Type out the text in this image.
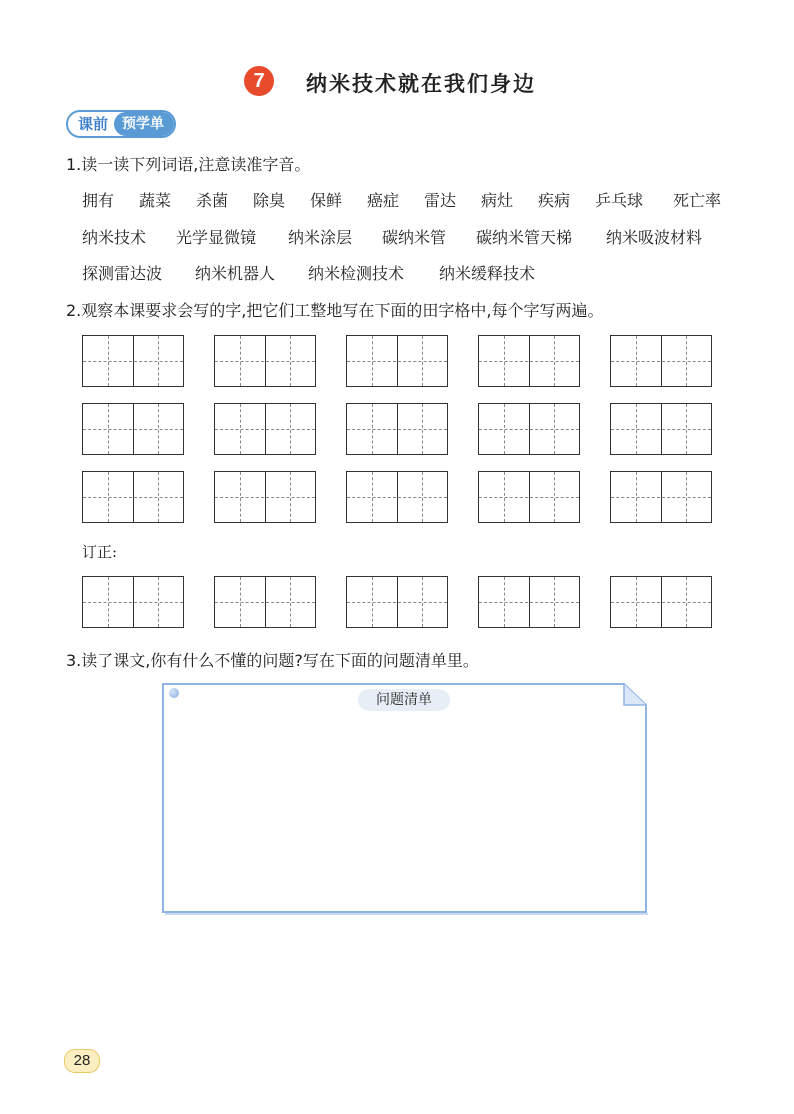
7	纳米技术就在我们身边
课前	预学单
1.读一读下列词语,注意读准字音。
拥有	蔬菜	杀菌	除臭	保鲜	癌症	雷达	病灶	疾病	乒乓球	死亡率
纳米技术	光学显微镜	纳米涂层	碳纳米管	碳纳米管天梯	纳米吸波材料
探测雷达波	纳米机器人	纳米检测技术	纳米缓释技术
2.观察本课要求会写的字,把它们工整地写在下面的田字格中,每个字写两遍。
订正:
3.读了课文,你有什么不懂的问题?写在下面的问题清单里。
问题清单
28
